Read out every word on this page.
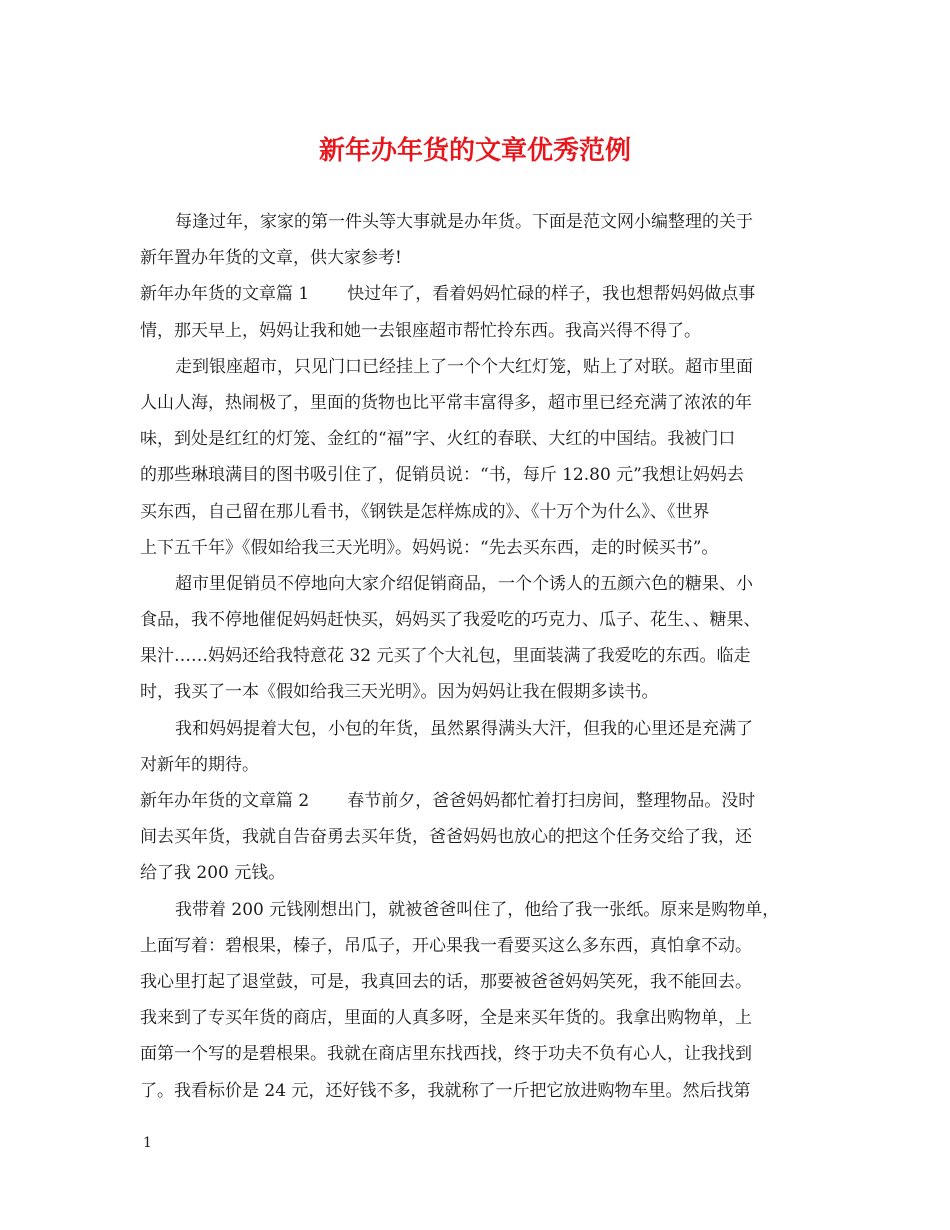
新年办年货的文章优秀范例
每逢过年，家家的第一件头等大事就是办年货。下面是范文网小编整理的关于
新年置办年货的文章，供大家参考!
新年办年货的文章篇 1 快过年了，看着妈妈忙碌的样子，我也想帮妈妈做点事
情，那天早上，妈妈让我和她一去银座超市帮忙拎东西。我高兴得不得了。
走到银座超市，只见门口已经挂上了一个个大红灯笼，贴上了对联。超市里面
人山人海，热闹极了，里面的货物也比平常丰富得多，超市里已经充满了浓浓的年
味，到处是红红的灯笼、金红的“福”字、火红的春联、大红的中国结。我被门口
的那些琳琅满目的图书吸引住了，促销员说：“书，每斤 12.80 元”我想让妈妈去
买东西，自己留在那儿看书，《钢铁是怎样炼成的》、《十万个为什么》、《世界
上下五千年》《假如给我三天光明》。妈妈说：“先去买东西，走的时候买书”。
超市里促销员不停地向大家介绍促销商品，一个个诱人的五颜六色的糖果、小
食品，我不停地催促妈妈赶快买，妈妈买了我爱吃的巧克力、瓜子、花生、、糖果、
果汁……妈妈还给我特意花 32 元买了个大礼包，里面装满了我爱吃的东西。临走
时，我买了一本《假如给我三天光明》。因为妈妈让我在假期多读书。
我和妈妈提着大包，小包的年货，虽然累得满头大汗，但我的心里还是充满了
对新年的期待。
新年办年货的文章篇 2 春节前夕，爸爸妈妈都忙着打扫房间，整理物品。没时
间去买年货，我就自告奋勇去买年货，爸爸妈妈也放心的把这个任务交给了我，还
给了我 200 元钱。
我带着 200 元钱刚想出门，就被爸爸叫住了，他给了我一张纸。原来是购物单，
上面写着：碧根果，榛子，吊瓜子，开心果我一看要买这么多东西，真怕拿不动。
我心里打起了退堂鼓，可是，我真回去的话，那要被爸爸妈妈笑死，我不能回去。
我来到了专买年货的商店，里面的人真多呀，全是来买年货的。我拿出购物单，上
面第一个写的是碧根果。我就在商店里东找西找，终于功夫不负有心人，让我找到
了。我看标价是 24 元，还好钱不多，我就称了一斤把它放进购物车里。然后找第
1
